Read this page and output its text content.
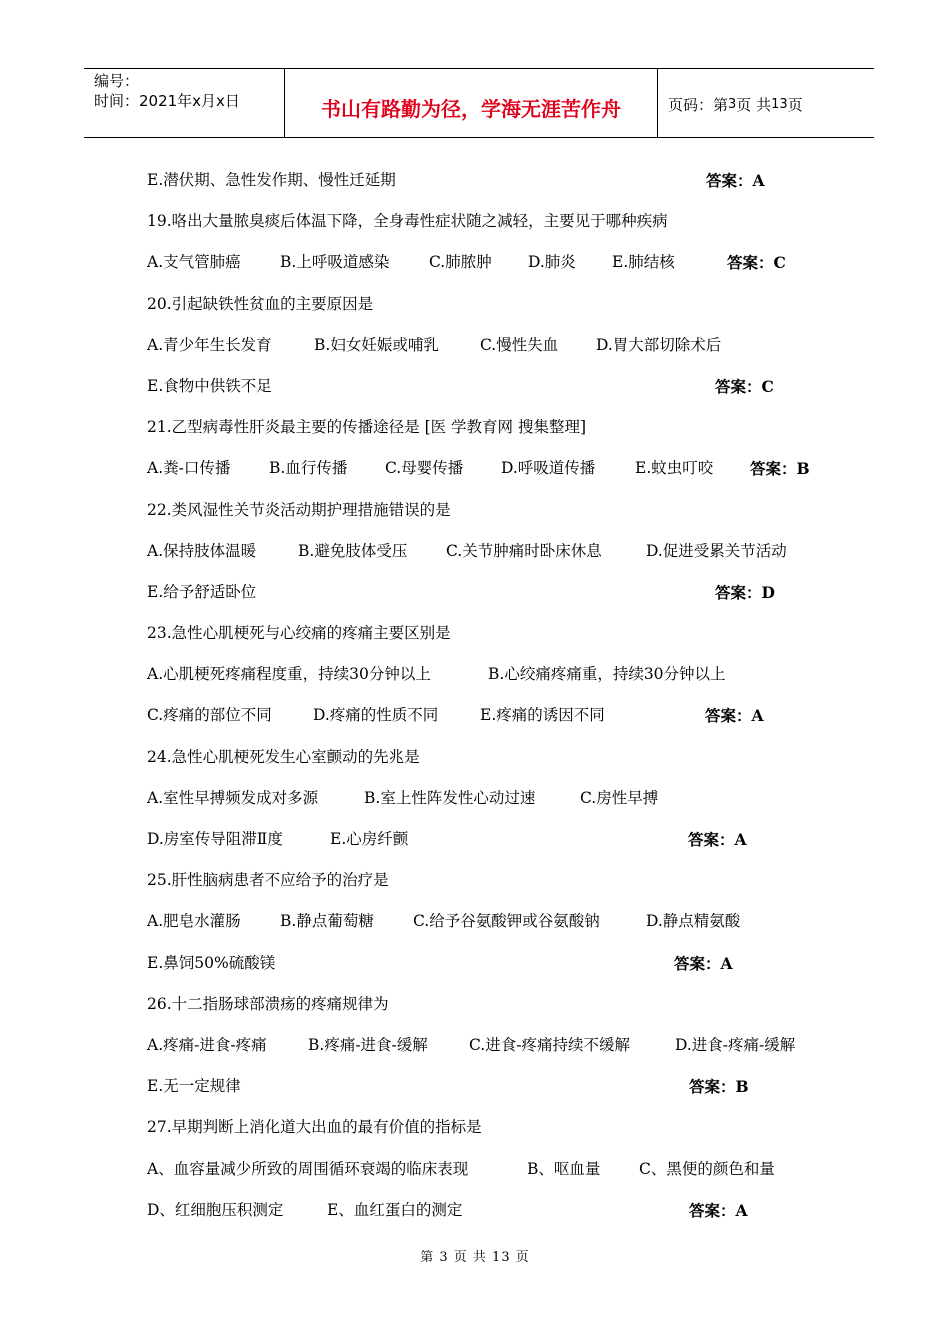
编号：
时间：2021年x月x日	书山有路勤为径，学海无涯苦作舟	页码：第 3 页 共 13 页
E.潜伏期、急性发作期、慢性迁延期	答案：A
19.咯出大量脓臭痰后体温下降，全身毒性症状随之减轻，主要见于哪种疾病
A.支气管肺癌	B.上呼吸道感染	C.肺脓肿 D.肺炎 E.肺结核	答案：C
20.引起缺铁性贫血的主要原因是
A.青少年生长发育	B.妇女妊娠或哺乳	C.慢性失血 D.胃大部切除术后
E.食物中供铁不足	答案：C
21.乙型病毒性肝炎最主要的传播途径是 [医 学教育网 搜集整理]
A.粪-口传播 B.血行传播 C.母婴传播 D.呼吸道传播	E.蚊虫叮咬 答案：B
22.类风湿性关节炎活动期护理措施错误的是
A.保持肢体温暖	B.避免肢体受压 C.关节肿痛时卧床休息	D.促进受累关节活动
E.给予舒适卧位	答案：D
23.急性心肌梗死与心绞痛的疼痛主要区别是
A.心肌梗死疼痛程度重，持续30分钟以上	B.心绞痛疼痛重，持续30分钟以上
C.疼痛的部位不同	D.疼痛的性质不同	E.疼痛的诱因不同	答案：A
24.急性心肌梗死发生心室颤动的先兆是
A.室性早搏频发成对多源	B.室上性阵发性心动过速	C.房性早搏
D.房室传导阻滞Ⅱ度	E.心房纤颤	答案：A
25.肝性脑病患者不应给予的治疗是
A.肥皂水灌肠	B.静点葡萄糖	C.给予谷氨酸钾或谷氨酸钠	D.静点精氨酸
E.鼻饲50%硫酸镁	答案：A
26.十二指肠球部溃疡的疼痛规律为
A.疼痛-进食-疼痛	B.疼痛-进食-缓解	C.进食-疼痛持续不缓解	D.进食-疼痛-缓解
E.无一定规律	答案：B
27.早期判断上消化道大出血的最有价值的指标是
A、血容量减少所致的周围循环衰竭的临床表现	B、呕血量 C、黑便的颜色和量
D、红细胞压积测定	E、血红蛋白的测定	答案：A
第 3 页 共 13 页
